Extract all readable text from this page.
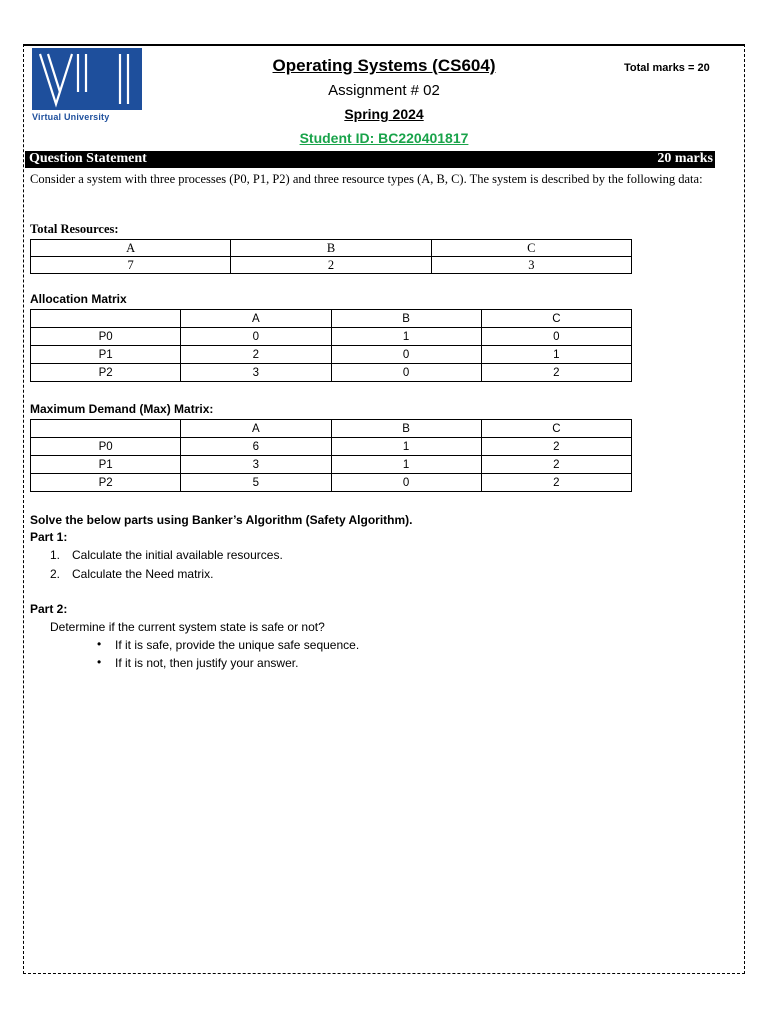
Virtual University
Operating Systems (CS604)
Assignment # 02
Spring 2024
Student ID: BC220401817
Total marks = 20
Question Statement	20 marks
Consider a system with three processes (P0, P1, P2) and three resource types (A, B, C). The system is described by the following data:
Total Resources:
A	B	C
7	2	3
Allocation Matrix
	A	B	C
P0	0	1	0
P1	2	0	1
P2	3	0	2
Maximum Demand (Max) Matrix:
	A	B	C
P0	6	1	2
P1	3	1	2
P2	5	0	2
Solve the below parts using Banker’s Algorithm (Safety Algorithm).
Part 1:
1. Calculate the initial available resources.
2. Calculate the Need matrix.
Part 2:
Determine if the current system state is safe or not?
• If it is safe, provide the unique safe sequence.
• If it is not, then justify your answer.
